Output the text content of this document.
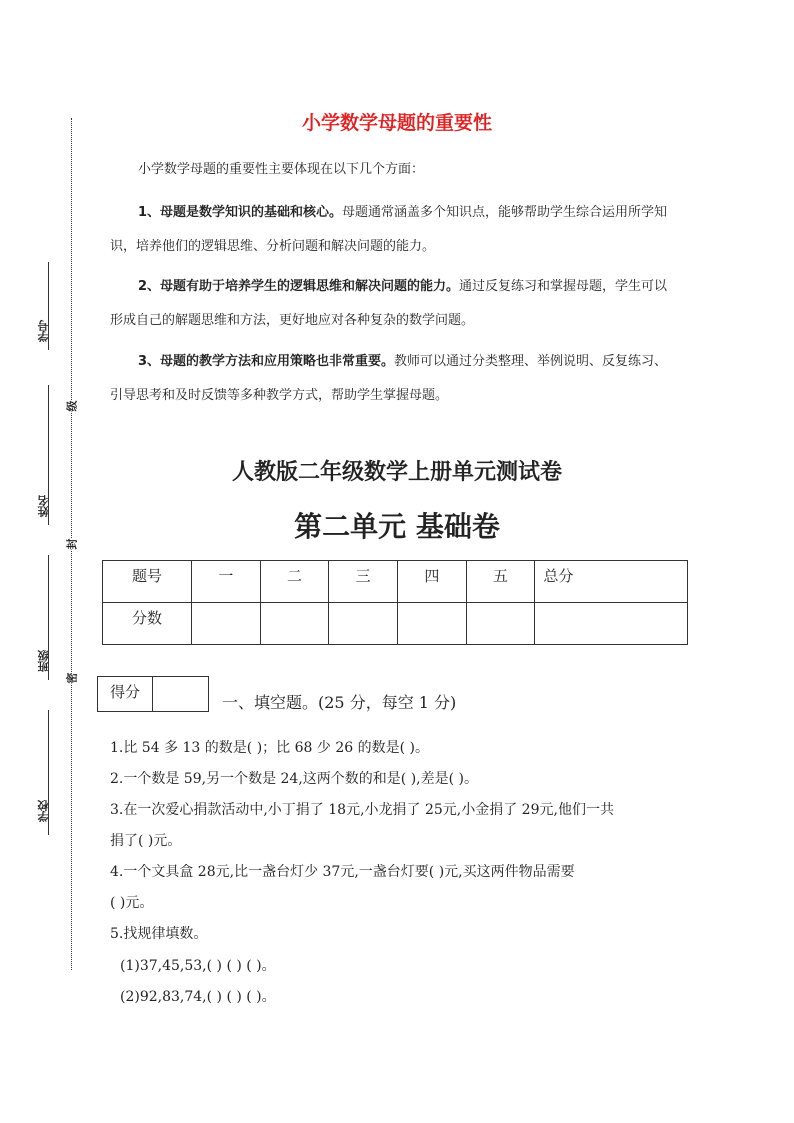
学号
姓名
班级
学校
级
封
密
小学数学母题的重要性
小学数学母题的重要性主要体现在以下几个方面：
1、母题是数学知识的基础和核心。母题通常涵盖多个知识点，能够帮助学生综合运用所学知
识，培养他们的逻辑思维、分析问题和解决问题的能力。
2、母题有助于培养学生的逻辑思维和解决问题的能力。通过反复练习和掌握母题，学生可以
形成自己的解题思维和方法，更好地应对各种复杂的数学问题。
3、母题的教学方法和应用策略也非常重要。教师可以通过分类整理、举例说明、反复练习、
引导思考和及时反馈等多种教学方式，帮助学生掌握母题。
人教版二年级数学上册单元测试卷
第二单元 基础卷
题号	一	二	三	四	五	总分
分数						
得分
一、填空题。(25 分，每空 1 分)
1.比 54 多 13 的数是( )；比 68 少 26 的数是( )。
2.一个数是 59,另一个数是 24,这两个数的和是( ),差是( )。
3.在一次爱心捐款活动中,小丁捐了 18元,小龙捐了 25元,小金捐了 29元,他们一共
捐了( )元。
4.一个文具盒 28元,比一盏台灯少 37元,一盏台灯要( )元,买这两件物品需要
( )元。
5.找规律填数。
(1)37,45,53,( ) ( ) ( )。
(2)92,83,74,( ) ( ) ( )。
